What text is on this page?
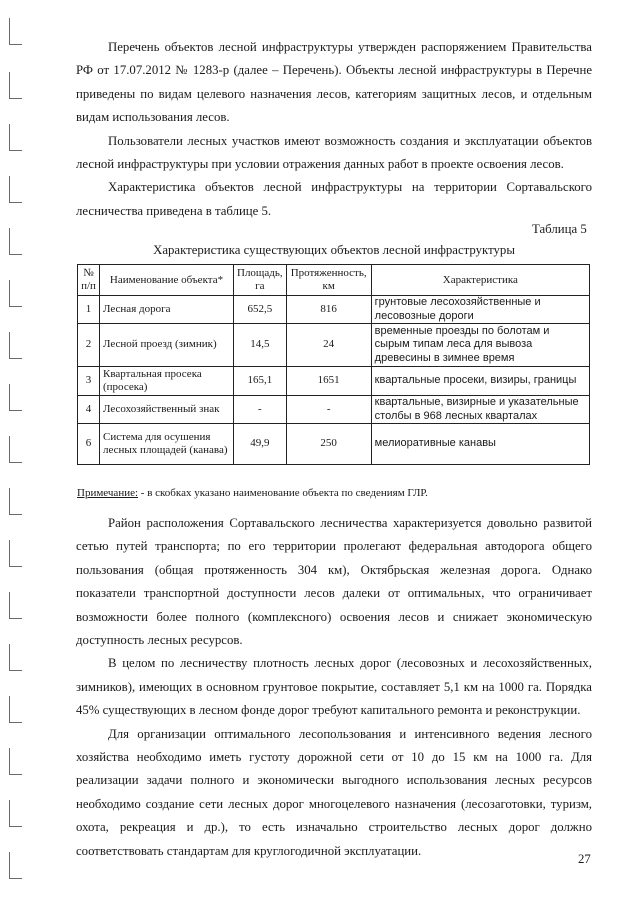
Перечень объектов лесной инфраструктуры утвержден распоряжением Правительства РФ от 17.07.2012 № 1283-р (далее – Перечень). Объекты лесной инфраструктуры в Перечне приведены по видам целевого назначения лесов, категориям защитных лесов, и отдельным видам использования лесов.

Пользователи лесных участков имеют возможность создания и эксплуатации объектов лесной инфраструктуры при условии отражения данных работ в проекте освоения лесов.

Характеристика объектов лесной инфраструктуры на территории Сортавальского лесничества приведена в таблице 5.

Таблица 5
Характеристика существующих объектов лесной инфраструктуры
№ п/п	Наименование объекта*	Площадь, га	Протяженность, км	Характеристика
1	Лесная дорога	652,5	816	грунтовые лесохозяйственные и лесовозные дороги
2	Лесной проезд (зимник)	14,5	24	временные проезды по болотам и сырым типам леса для вывоза древесины в зимнее время
3	Квартальная просека (просека)	165,1	1651	квартальные просеки, визиры, границы
4	Лесохозяйственный знак	-	-	квартальные, визирные и указательные столбы в 968 лесных кварталах
6	Система для осушения лесных площадей (канава)	49,9	250	мелиоративные канавы
Примечание: - в скобках указано наименование объекта по сведениям ГЛР.

Район расположения Сортавальского лесничества характеризуется довольно развитой сетью путей транспорта; по его территории пролегают федеральная автодорога общего пользования (общая протяженность 304 км), Октябрьская железная дорога. Однако показатели транспортной доступности лесов далеки от оптимальных, что ограничивает возможности более полного (комплексного) освоения лесов и снижает экономическую доступность лесных ресурсов.

В целом по лесничеству плотность лесных дорог (лесовозных и лесохозяйственных, зимников), имеющих в основном грунтовое покрытие, составляет 5,1 км на 1000 га. Порядка 45% существующих в лесном фонде дорог требуют капитального ремонта и реконструкции.

Для организации оптимального лесопользования и интенсивного ведения лесного хозяйства необходимо иметь густоту дорожной сети от 10 до 15 км на 1000 га. Для реализации задачи полного и экономически выгодного использования лесных ресурсов необходимо создание сети лесных дорог многоцелевого назначения (лесозаготовки, туризм, охота, рекреация и др.), то есть изначально строительство лесных дорог должно соответствовать стандартам для круглогодичной эксплуатации.

27
